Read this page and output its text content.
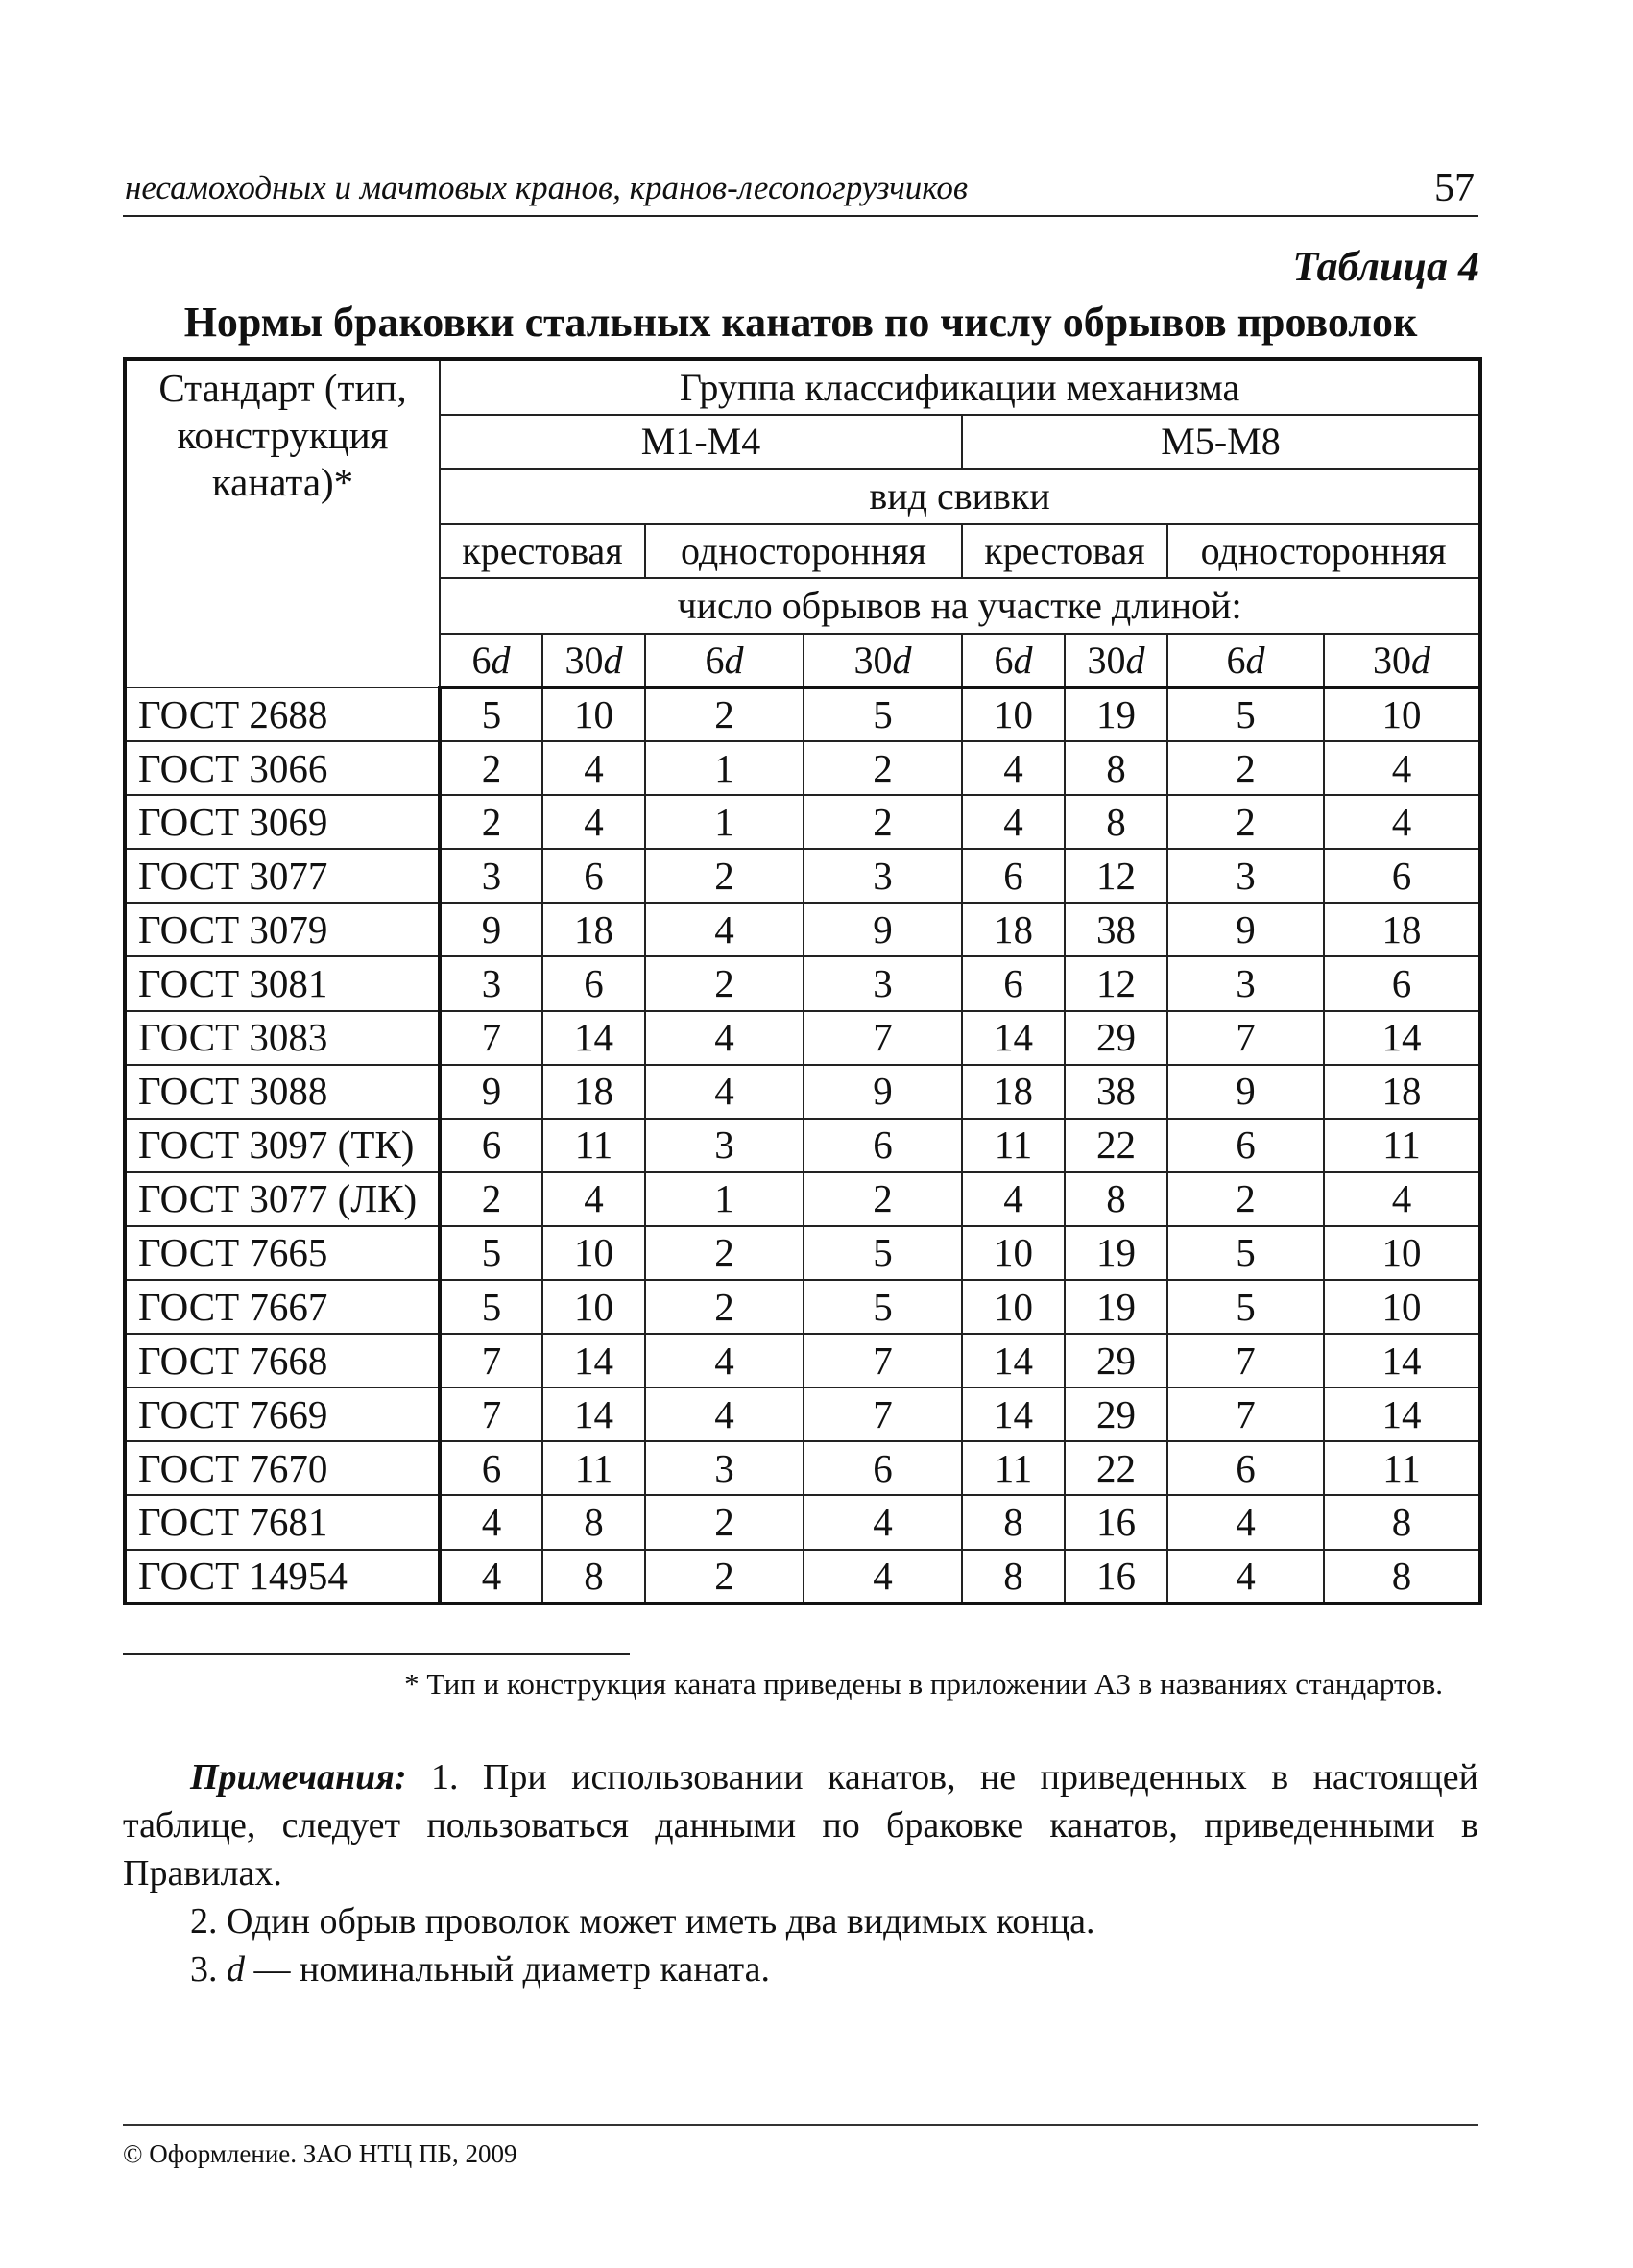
несамоходных и мачтовых кранов, кранов-лесопогрузчиков	57
Таблица 4
Нормы браковки стальных канатов по числу обрывов проволок
Стандарт (тип, конструкция каната)*	Группа классификации механизма							
	M1-M4				M5-M8			
	вид свивки							
	крестовая		односторонняя		крестовая		односторонняя	
	число обрывов на участке длиной:							
	6d	30d	6d	30d	6d	30d	6d	30d
ГОСТ 2688	5	10	2	5	10	19	5	10
ГОСТ 3066	2	4	1	2	4	8	2	4
ГОСТ 3069	2	4	1	2	4	8	2	4
ГОСТ 3077	3	6	2	3	6	12	3	6
ГОСТ 3079	9	18	4	9	18	38	9	18
ГОСТ 3081	3	6	2	3	6	12	3	6
ГОСТ 3083	7	14	4	7	14	29	7	14
ГОСТ 3088	9	18	4	9	18	38	9	18
ГОСТ 3097 (ТК)	6	11	3	6	11	22	6	11
ГОСТ 3077 (ЛК)	2	4	1	2	4	8	2	4
ГОСТ 7665	5	10	2	5	10	19	5	10
ГОСТ 7667	5	10	2	5	10	19	5	10
ГОСТ 7668	7	14	4	7	14	29	7	14
ГОСТ 7669	7	14	4	7	14	29	7	14
ГОСТ 7670	6	11	3	6	11	22	6	11
ГОСТ 7681	4	8	2	4	8	16	4	8
ГОСТ 14954	4	8	2	4	8	16	4	8
* Тип и конструкция каната приведены в приложении А3 в названиях стандартов.

Примечания: 1. При использовании канатов, не приведенных в настоящей таблице, следует пользоваться данными по браковке канатов, приведенными в Правилах.

2. Один обрыв проволок может иметь два видимых конца.

3. d — номинальный диаметр каната.

© Оформление. ЗАО НТЦ ПБ, 2009
